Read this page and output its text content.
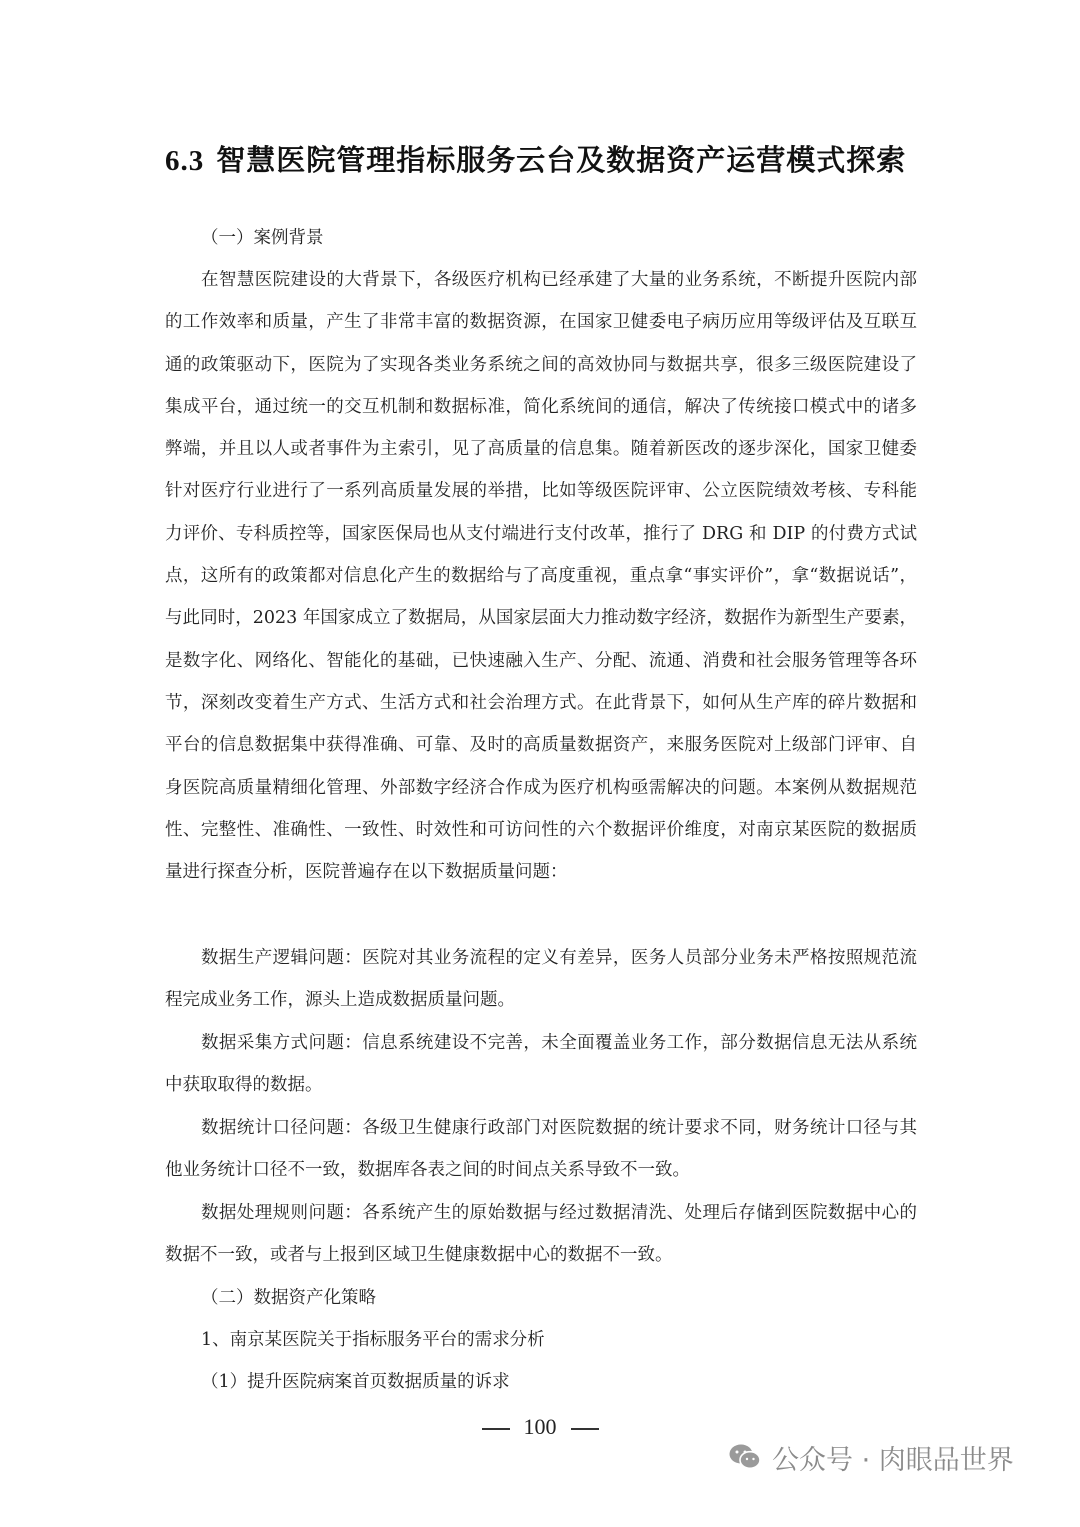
6.3 智慧医院管理指标服务云台及数据资产运营模式探索
（一）案例背景
在智慧医院建设的大背景下，各级医疗机构已经承建了大量的业务系统，不断提升医院内部的工作效率和质量，产生了非常丰富的数据资源，在国家卫健委电子病历应用等级评估及互联互通的政策驱动下，医院为了实现各类业务系统之间的高效协同与数据共享，很多三级医院建设了集成平台，通过统一的交互机制和数据标准，简化系统间的通信，解决了传统接口模式中的诸多弊端，并且以人或者事件为主索引，见了高质量的信息集。随着新医改的逐步深化，国家卫健委针对医疗行业进行了一系列高质量发展的举措，比如等级医院评审、公立医院绩效考核、专科能力评价、专科质控等，国家医保局也从支付端进行支付改革，推行了 DRG 和 DIP 的付费方式试点，这所有的政策都对信息化产生的数据给与了高度重视，重点拿“事实评价”，拿“数据说话”，与此同时，2023 年国家成立了数据局，从国家层面大力推动数字经济，数据作为新型生产要素，是数字化、网络化、智能化的基础，已快速融入生产、分配、流通、消费和社会服务管理等各环节，深刻改变着生产方式、生活方式和社会治理方式。在此背景下，如何从生产库的碎片数据和平台的信息数据集中获得准确、可靠、及时的高质量数据资产，来服务医院对上级部门评审、自身医院高质量精细化管理、外部数字经济合作成为医疗机构亟需解决的问题。本案例从数据规范性、完整性、准确性、一致性、时效性和可访问性的六个数据评价维度，对南京某医院的数据质量进行探查分析，医院普遍存在以下数据质量问题：
数据生产逻辑问题：医院对其业务流程的定义有差异，医务人员部分业务未严格按照规范流程完成业务工作，源头上造成数据质量问题。
数据采集方式问题：信息系统建设不完善，未全面覆盖业务工作，部分数据信息无法从系统中获取取得的数据。
数据统计口径问题：各级卫生健康行政部门对医院数据的统计要求不同，财务统计口径与其他业务统计口径不一致，数据库各表之间的时间点关系导致不一致。
数据处理规则问题：各系统产生的原始数据与经过数据清洗、处理后存储到医院数据中心的数据不一致，或者与上报到区域卫生健康数据中心的数据不一致。
（二）数据资产化策略
1、南京某医院关于指标服务平台的需求分析
（1）提升医院病案首页数据质量的诉求
100
公众号 · 肉眼品世界
